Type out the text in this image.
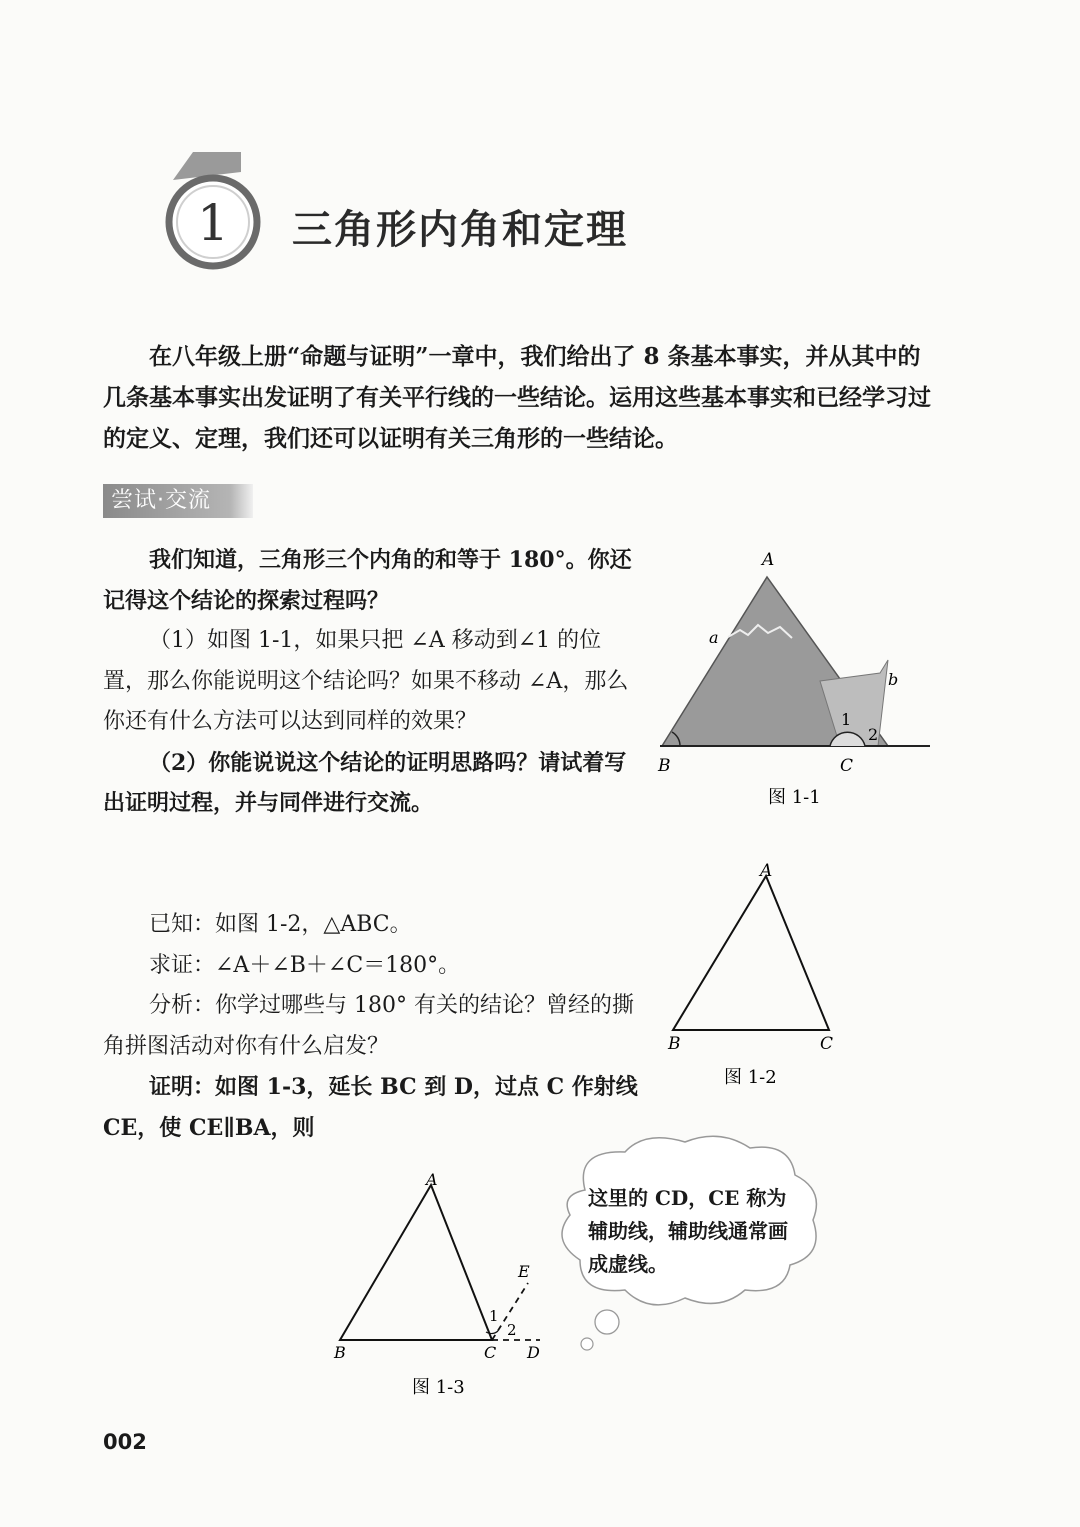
1 三角形内角和定理

在八年级上册“命题与证明”一章中，我们给出了 8 条基本事实，并从其中的几条基本事实出发证明了有关平行线的一些结论。运用这些基本事实和已经学习过的定义、定理，我们还可以证明有关三角形的一些结论。

尝试·交流

我们知道，三角形三个内角的和等于 180°。你还记得这个结论的探索过程吗？

（1）如图 1-1，如果只把 ∠A 移动到∠1 的位置，那么你能说明这个结论吗？如果不移动 ∠A，那么你还有什么方法可以达到同样的效果？

（2）你能说说这个结论的证明思路吗？请试着写出证明过程，并与同伴进行交流。

已知：如图 1-2，△ABC。

求证：∠A＋∠B＋∠C＝180°。

分析：你学过哪些与 180° 有关的结论？曾经的撕角拼图活动对你有什么启发？

证明：如图 1-3，延长 BC 到 D，过点 C 作射线 CE，使 CE∥BA，则

A
B	C
a
b
1
2
图 1-1
A
B	C
图 1-2
A
B	C D
E
1
2
图 1-3
这里的 CD，CE 称为辅助线，辅助线通常画成虚线。
002
